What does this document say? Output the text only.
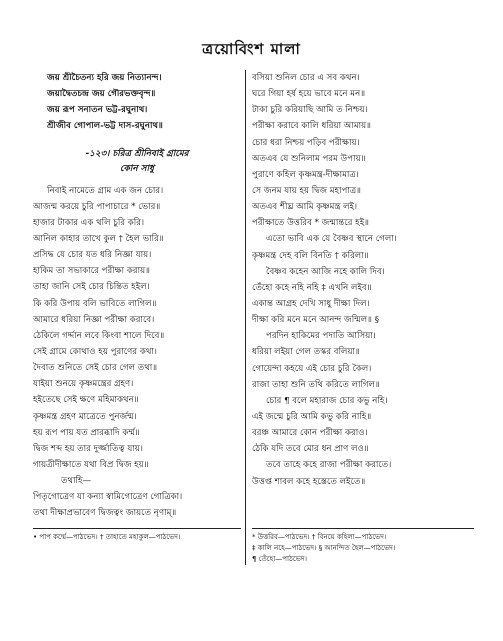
ত্রয়োবিংশ মালা
জয় শ্রীচৈতন্য হরি জয় নিত্যানন্দ।
জয়াদ্বৈতচন্দ্র জয় গৌরভক্তবৃন্দ॥
জয় রূপ সনাতন ভট্ট-রঘুনাথ।
শ্রীজীব গোপাল-ভট্ট দাস-রঘুনাথ॥
-১২৩। চরিত্র শ্রীনিবাই গ্রামের
কোন সাধু
নিবাই নামেতে গ্রাম এক জন চোর।
আজন্ম করয়ে চুরি পাপাচারে * ভোর॥
হাজার টাকার এক থলি চুরি করি।
আনিল কাহার তাখে কুল † হৈল ভারি॥
প্রসিদ্ধ যে চোর যত ধরি নিজ্ঞা যায়।
হাকিম তা সভাকারে পরীক্ষা করায়॥
তাহা জানি সেই চোর চিন্তিত হইল।
কি করি উপায় বলি ভাবিতে লাগিল॥
আমারে ধরিয়া নিজ্ঞা পরীক্ষা করাবে।
ঠেকিলে গর্দ্দান লবে কিংবা শালে দিবে॥
সেই গ্রামে কোথাও হয় পুরাণের কথা।
দৈবাত শুনিতে সেই চোর গেল তথা॥
যাইয়া শুনয়ে কৃষ্ণমন্ত্রের গ্রহণ।
হইতেছে সেই ক্ষণে মহিমাকথন॥
কৃষ্ণমন্ত্র গ্রহণ মাত্রেতে পুনর্জন্ম।
হয় রূপ পায় যত প্রারব্ধাদি কর্ম্ম॥
দ্বিজ শব্দ হয় তার দুর্জ্জাতিত্ব যায়।
গায়ত্রীদীক্ষাতে যথা বিপ্র দ্বিজ হয়॥
তথাহি—
পিতৃগোত্রেণ যা কন্যা স্বামিগোত্রেণ গোত্রিকা।
তথা দীক্ষাপ্রভাবেণ দ্বিজত্বং জায়তে নৃণাম্॥
বসিয়া শুনিল চোর এ সব কথন।
ঘরে গিয়া হর্ষ হয়ে ভাবে মনে মন॥
টাকা চুরি করিয়াছি আমি ত নিশ্চয়।
পরীক্ষা করাবে কালি ধরিয়া আমায়॥
চোর ধরা নিশ্চয় পড়িব পরীক্ষায়।
অতএব যে শুনিলাম পরম উপায়॥
পুরাণে কহিল কৃষ্ণমন্ত্র-দীক্ষামাত্র।
সে জনম যায় হয় দ্বিজ মহাপাত্র॥
অতএব শীঘ্র আমি কৃষ্ণমন্ত্র লই।
পরীক্ষাতে উত্তরিব * জন্মান্তরে হই॥
এতো ভাবি এক যে বৈষ্ণব স্থানে গেলা।
কৃষ্ণমন্ত্র দেহ বলি বিনতি † করিলা॥
বৈষ্ণব কহেন আজি নহে কালি দিব।
তেঁহো কহে নহি নহি ‡ এখনি লইব॥
একান্ত আগ্রহ দেখি সাধু দীক্ষা দিল।
দীক্ষা করি মনে মনে আনন্দ জন্মিল॥ §
পরদিন হাকিমের পদাতি আসিয়া।
ধরিয়া লইয়া গেল তস্কর বলিয়া॥
গোয়েন্দা কহয়ে এই চোর চুরি কৈল।
রাজা তাহা শুনি তথি করিতে লাগিল॥
চোর ¶ বলে মহারাজ চোর কভু নহি।
এই জন্মে চুরি আমি কভু করি নাহি॥
বরঞ্চ আমারে কোন পরীক্ষা করাও।
ঠেকি যদি তবে মোর ধন প্রাণ লও॥
তবে তাহে কহে রাজা পরীক্ষা করাতে।
উত্তপ্ত শাবল কহে হস্তেতে লইতে॥
• পাপ কর্ম্মে—পাঠভেদ। † তাহাতে মহাকুল—পাঠভেদ।	* উত্তরিব—পাঠভেদ। † বিনয়ে কহিলা—পাঠভেদ।
‡ কালি নহে—পাঠভেদ। § আনন্দিত হৈল—পাঠভেদ।
¶ তেঁহো—পাঠভেদ।
